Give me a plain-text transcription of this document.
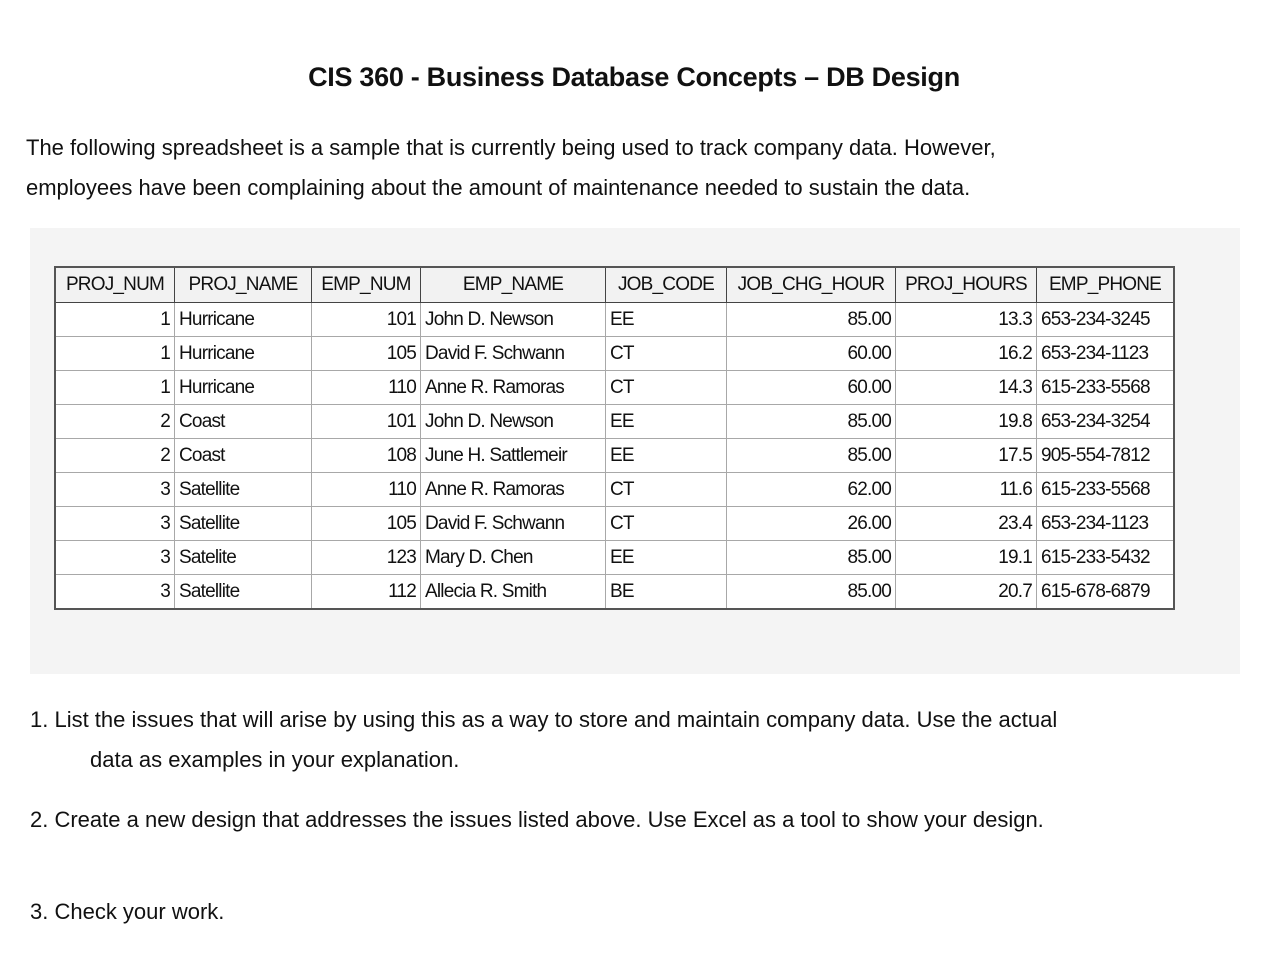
CIS 360 - Business Database Concepts – DB Design

The following spreadsheet is a sample that is currently being used to track company data. However,

employees have been complaining about the amount of maintenance needed to sustain the data.

PROJ_NUM	PROJ_NAME	EMP_NUM	EMP_NAME	JOB_CODE	JOB_CHG_HOUR	PROJ_HOURS	EMP_PHONE
1	Hurricane	101	John D. Newson	EE	85.00	13.3	653-234-3245
1	Hurricane	105	David F. Schwann	CT	60.00	16.2	653-234-1123
1	Hurricane	110	Anne R. Ramoras	CT	60.00	14.3	615-233-5568
2	Coast	101	John D. Newson	EE	85.00	19.8	653-234-3254
2	Coast	108	June H. Sattlemeir	EE	85.00	17.5	905-554-7812
3	Satellite	110	Anne R. Ramoras	CT	62.00	11.6	615-233-5568
3	Satellite	105	David F. Schwann	CT	26.00	23.4	653-234-1123
3	Satelite	123	Mary D. Chen	EE	85.00	19.1	615-233-5432
3	Satellite	112	Allecia R. Smith	BE	85.00	20.7	615-678-6879

1. List the issues that will arise by using this as a way to store and maintain company data. Use the actual

data as examples in your explanation.

2. Create a new design that addresses the issues listed above. Use Excel as a tool to show your design.
3. Check your work.
